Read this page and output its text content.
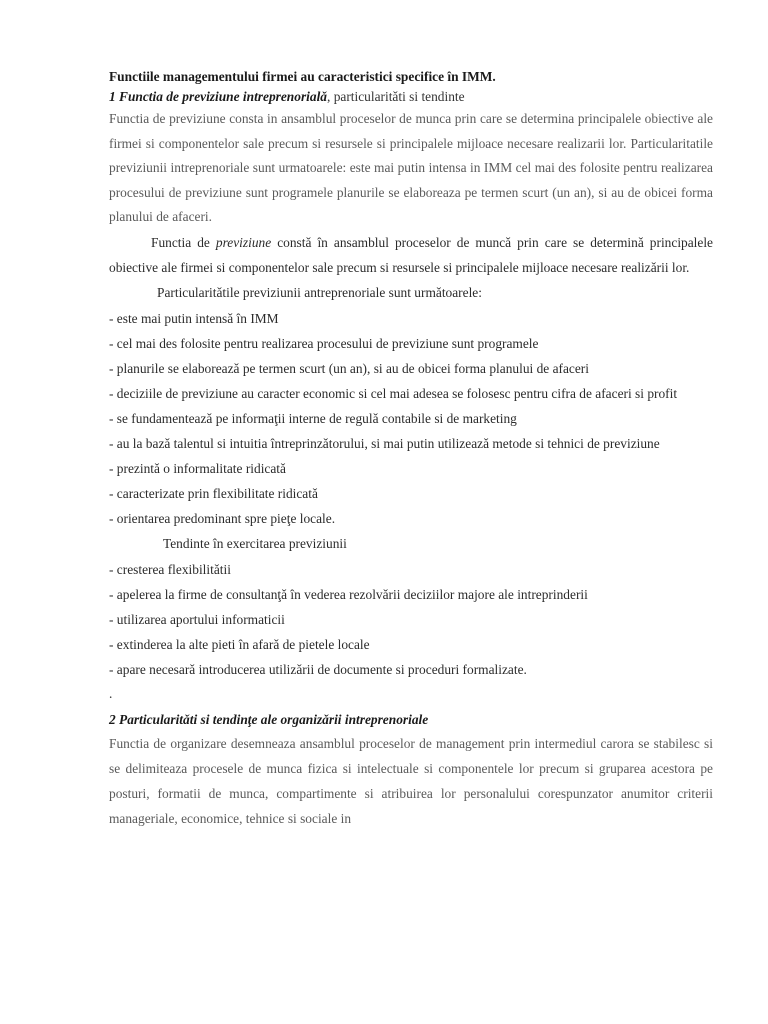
Functiile managementului firmei au caracteristici specifice în IMM.

1 Functia de previziune intreprenorialǎ, particularitǎti si tendinte

Functia de previziune consta in ansamblul proceselor de munca prin care se determina principalele obiective ale firmei si componentelor sale precum si resursele si principalele mijloace necesare realizarii lor. Particularitatile previziunii intreprenoriale sunt urmatoarele: este mai putin intensa in IMM cel mai des folosite pentru realizarea procesului de previziune sunt programele planurile se elaboreaza pe termen scurt (un an), si au de obicei forma planului de afaceri.

Functia de previziune constǎ în ansamblul proceselor de muncǎ prin care se determinǎ principalele obiective ale firmei si componentelor sale precum si resursele si principalele mijloace necesare realizǎrii lor.

Particularitǎtile previziunii antreprenoriale sunt urmǎtoarele:

- este mai putin intensǎ în IMM
- cel mai des folosite pentru realizarea procesului de previziune sunt programele
- planurile se elaboreazǎ pe termen scurt (un an), si au de obicei forma planului de afaceri
- deciziile de previziune au caracter economic si cel mai adesea se folosesc pentru cifra de afaceri si profit
- se fundamenteazǎ pe informaţii interne de regulǎ contabile si de marketing
- au la bazǎ talentul si intuitia întreprinzǎtorului, si mai putin utilizeazǎ metode si tehnici de previziune
- prezintǎ o informalitate ridicatǎ
- caracterizate prin flexibilitate ridicatǎ
- orientarea predominant spre pieţe locale.

Tendinte în exercitarea previziunii

- cresterea flexibilitǎtii
- apelerea la firme de consultanţǎ în vederea rezolvǎrii deciziilor majore ale intreprinderii
- utilizarea aportului informaticii
- extinderea la alte pieti în afarǎ de pietele locale
- apare necesarǎ introducerea utilizǎrii de documente si proceduri formalizate.

.

2 Particularitǎti si tendinţe ale organizǎrii intreprenoriale

Functia de organizare desemneaza ansamblul proceselor de management prin intermediul carora se stabilesc si se delimiteaza procesele de munca fizica si intelectuale si componentele lor precum si gruparea acestora pe posturi, formatii de munca, compartimente si atribuirea lor personalului corespunzator anumitor criterii manageriale, economice, tehnice si sociale in
